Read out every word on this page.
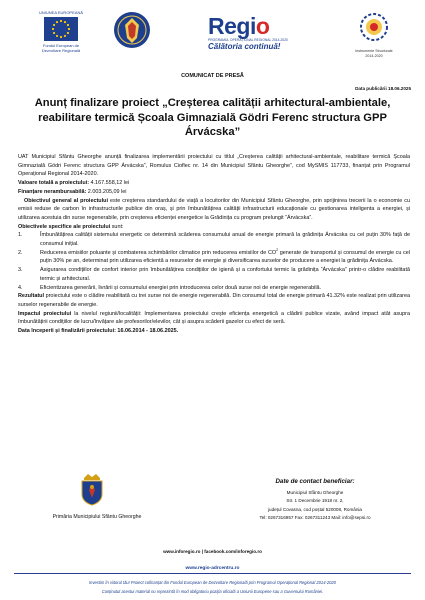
UNIUNEA EUROPEANĂ
Fondul European de
Dezvoltare Regională
Regio
PROGRAMUL OPERAȚIONAL REGIONAL 2014-2020
Călătoria continuă!	Instrumente Structurale
2014-2020
COMUNICAT DE PRESĂ
Data publicării 18.06.2025
Anunț finalizare proiect „Creșterea calității arhitectural-ambientale, reabilitare termică Școala Gimnazială Gödri Ferenc structura GPP Árvácska”

UAT Municipiul Sfântu Gheorghe anunță finalizarea implementării proiectului cu titlul „Creșterea calității arhitectural-ambientale, reabilitare termică Școala Gimnazială Gödri Ferenc structura GPP Árvácska”, Romulus Cioflec nr. 14 din Municipiul Sfântu Gheorghe”, cod MySMIS 117733, finanțat prin Programul Operațional Regional 2014-2020.

Valoare totală a proiectului: 4.167.558,12 lei

Finanțare nerambursabilă: 2.003.205,09 lei

Obiectivul general al proiectului este creșterea standardului de viață a locuitorilor din Municipiul Sfântu Gheorghe, prin sprijinirea trecerii la o economie cu emisii reduse de carbon în infrastructurile publice din oraș, și prin îmbunătățirea calității infrastructurii educaționale cu gestionarea inteligenta a energiei, și utilizarea acestuia din surse regenerabile, prin creșterea eficienței energetice la Grădinița cu program prelungit “Árvácska”.

Obiectivele specifice ale proiectului sunt:

1.	Îmbunătățirea calității sistemului energetic ce determină scăderea consumului anual de energie primară la grădinița Árvácska cu cel puțin 30% față de consumul inițial.
2.	Reducerea emisiilor poluante și combaterea schimbărilor climatice prin reducerea emisiilor de $CO^2$ generate de transportul și consumul de energie cu cel puțin 30% pe an, determinat prin utilizarea eficientă a resurselor de energie și diversificarea surselor de producere a energiei la grădinița Árvácska.
3.	Asigurarea condițiilor de confort interior prin îmbunătățirea condițiilor de igienă și a confortului termic la grădinița “Árvácska” printr-o clădire reabilitată termic și arhitectural.
4.	Eficientizarea generării, livrării și consumului energiei prin introducerea celor două surse noi de energie regenerabilă.

Rezultatul proiectului este o clădire reabilitată cu trei surse noi de energie regenerabilă. Din consumul total de energie primară 41.32% este realizat prin utilizarea surselor regenerabile de energie.

Impactul proiectului la nivelul regiunii/localității: Implementarea proiectului crește eficiența energetică a clădirii publice vizate, având impact atât asupra îmbunătățirii condițiilor de lucru/învățare ale profesorilor/elevilor, cât și asupra scăderii gazelor cu efect de seră.

Data începerii și finalizării proiectului: 16.06.2014 - 18.06.2025.

Primăria Municipiului Sfântu Gheorghe
Date de contact beneficiar:
Municipiul Sfântu Gheorghe
Str. 1 Decembrie 1918 nr. 2,
județul Covasna, cod poștal 520008, România
Tel: 0267316957 Fax: 0267311243 Mail: info@sepsi.ro
www.inforegio.ro | facebook.com/inforegio.ro
www.regio-adrcentru.ro
Investim în viitorul tău! Proiect cofinanțat din Fondul European de Dezvoltare Regională prin Programul Operațional Regional 2014-2020
Conținutul acestui material nu reprezintă în mod obligatoriu poziția oficială a Uniunii Europene sau a Guvernului României.
